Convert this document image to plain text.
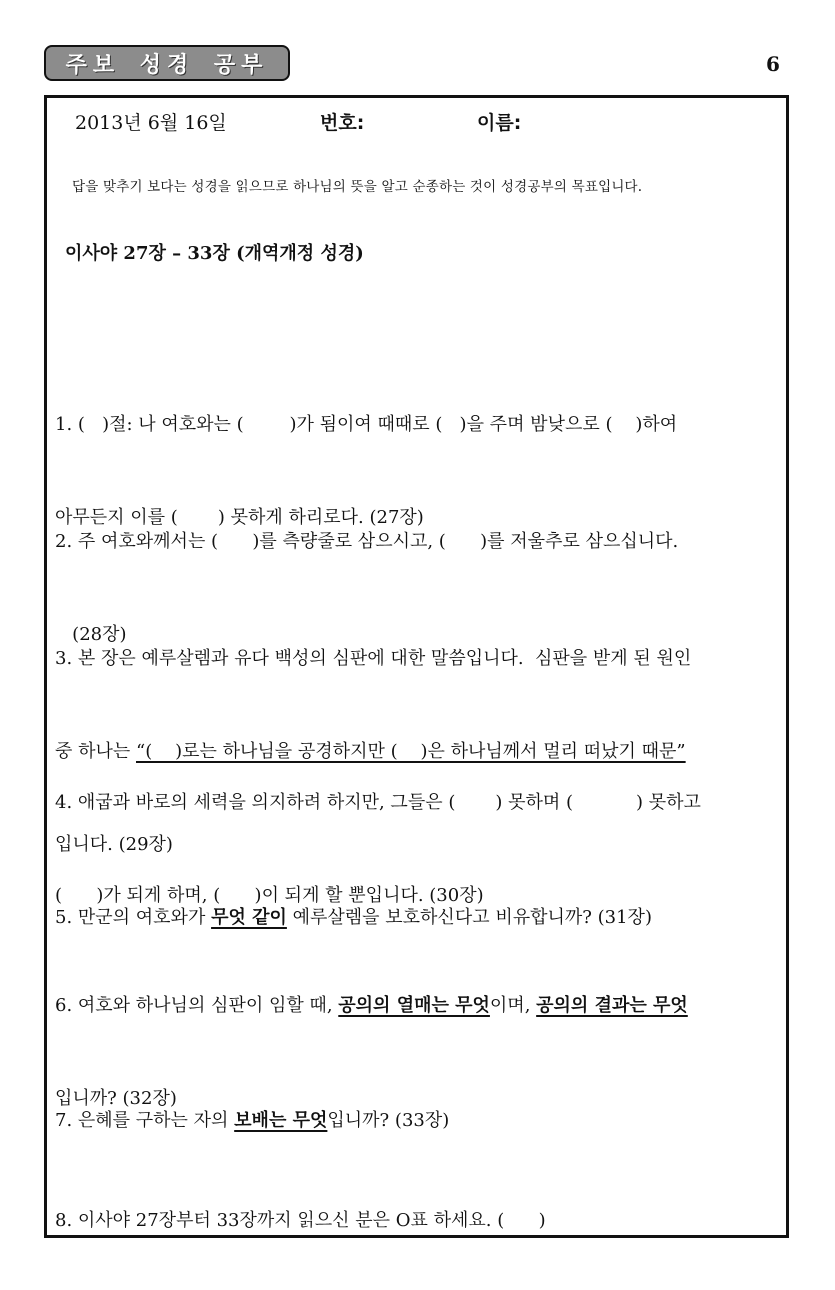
주보 성경 공부	6
2013년 6월 16일	번호:	이름:
답을 맞추기 보다는 성경을 읽으므로 하나님의 뜻을 알고 순종하는 것이 성경공부의 목표입니다.
이사야 27장 – 33장 (개역개정 성경)

1. (   )절: 나 여호와는 (        )가 됨이여 때때로 (   )을 주며 밤낮으로 (    )하여

아무든지 이를 (       ) 못하게 하리로다. (27장)

2. 주 여호와께서는 (      )를 측량줄로 삼으시고, (      )를 저울추로 삼으십니다.

(28장)

3. 본 장은 예루살렘과 유다 백성의 심판에 대한 말씀입니다.  심판을 받게 된 원인

중 하나는 “(    )로는 하나님을 공경하지만 (    )은 하나님께서 멀리 떠났기 때문”

입니다. (29장)

4. 애굽과 바로의 세력을 의지하려 하지만, 그들은 (       ) 못하며 (           ) 못하고

(      )가 되게 하며, (      )이 되게 할 뿐입니다. (30장)

5. 만군의 여호와가 무엇 같이 예루살렘을 보호하신다고 비유합니까? (31장)

6. 여호와 하나님의 심판이 임할 때, 공의의 열매는 무엇이며, 공의의 결과는 무엇

입니까? (32장)

7. 은혜를 구하는 자의 보배는 무엇입니까? (33장)

8. 이사야 27장부터 33장까지 읽으신 분은 O표 하세요. (      )
